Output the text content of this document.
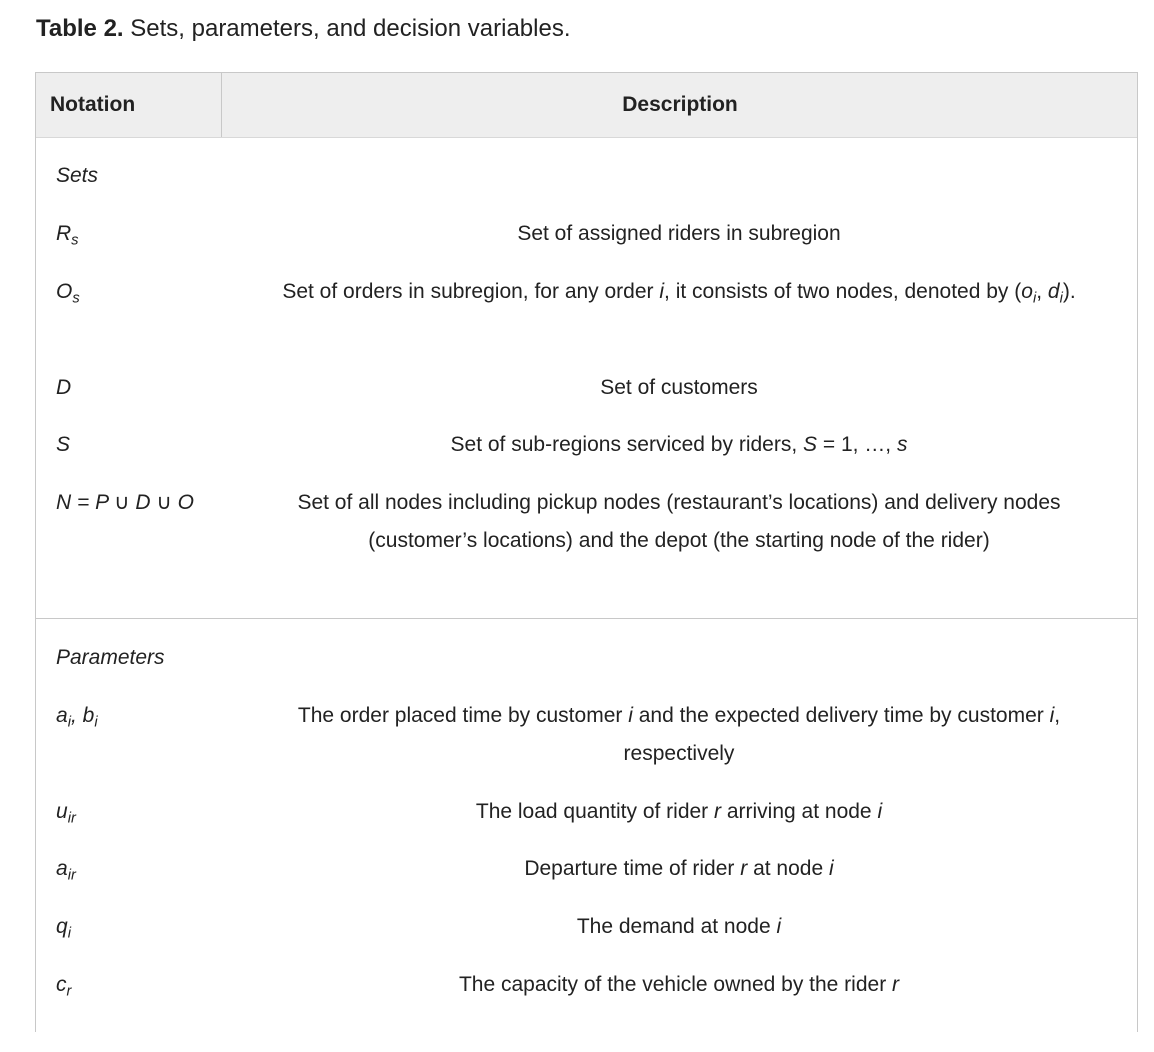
Table 2. Sets, parameters, and decision variables.
Notation	Description
Sets
$R_s$	Set of assigned riders in subregion
$O_s$	Set of orders in subregion, for any order i, it consists of two nodes, denoted by ($o_i$, $d_i$).
D	Set of customers
S	Set of sub-regions serviced by riders, S = 1, …, s
N = P ∪ D ∪ O	Set of all nodes including pickup nodes (restaurant’s locations) and delivery nodes (customer’s locations) and the depot (the starting node of the rider)
Parameters
$a_i$, $b_i$	The order placed time by customer i and the expected delivery time by customer i, respectively
$u_{ir}$	The load quantity of rider r arriving at node i
$a_{ir}$	Departure time of rider r at node i
$q_i$	The demand at node i
$c_r$	The capacity of the vehicle owned by the rider r
